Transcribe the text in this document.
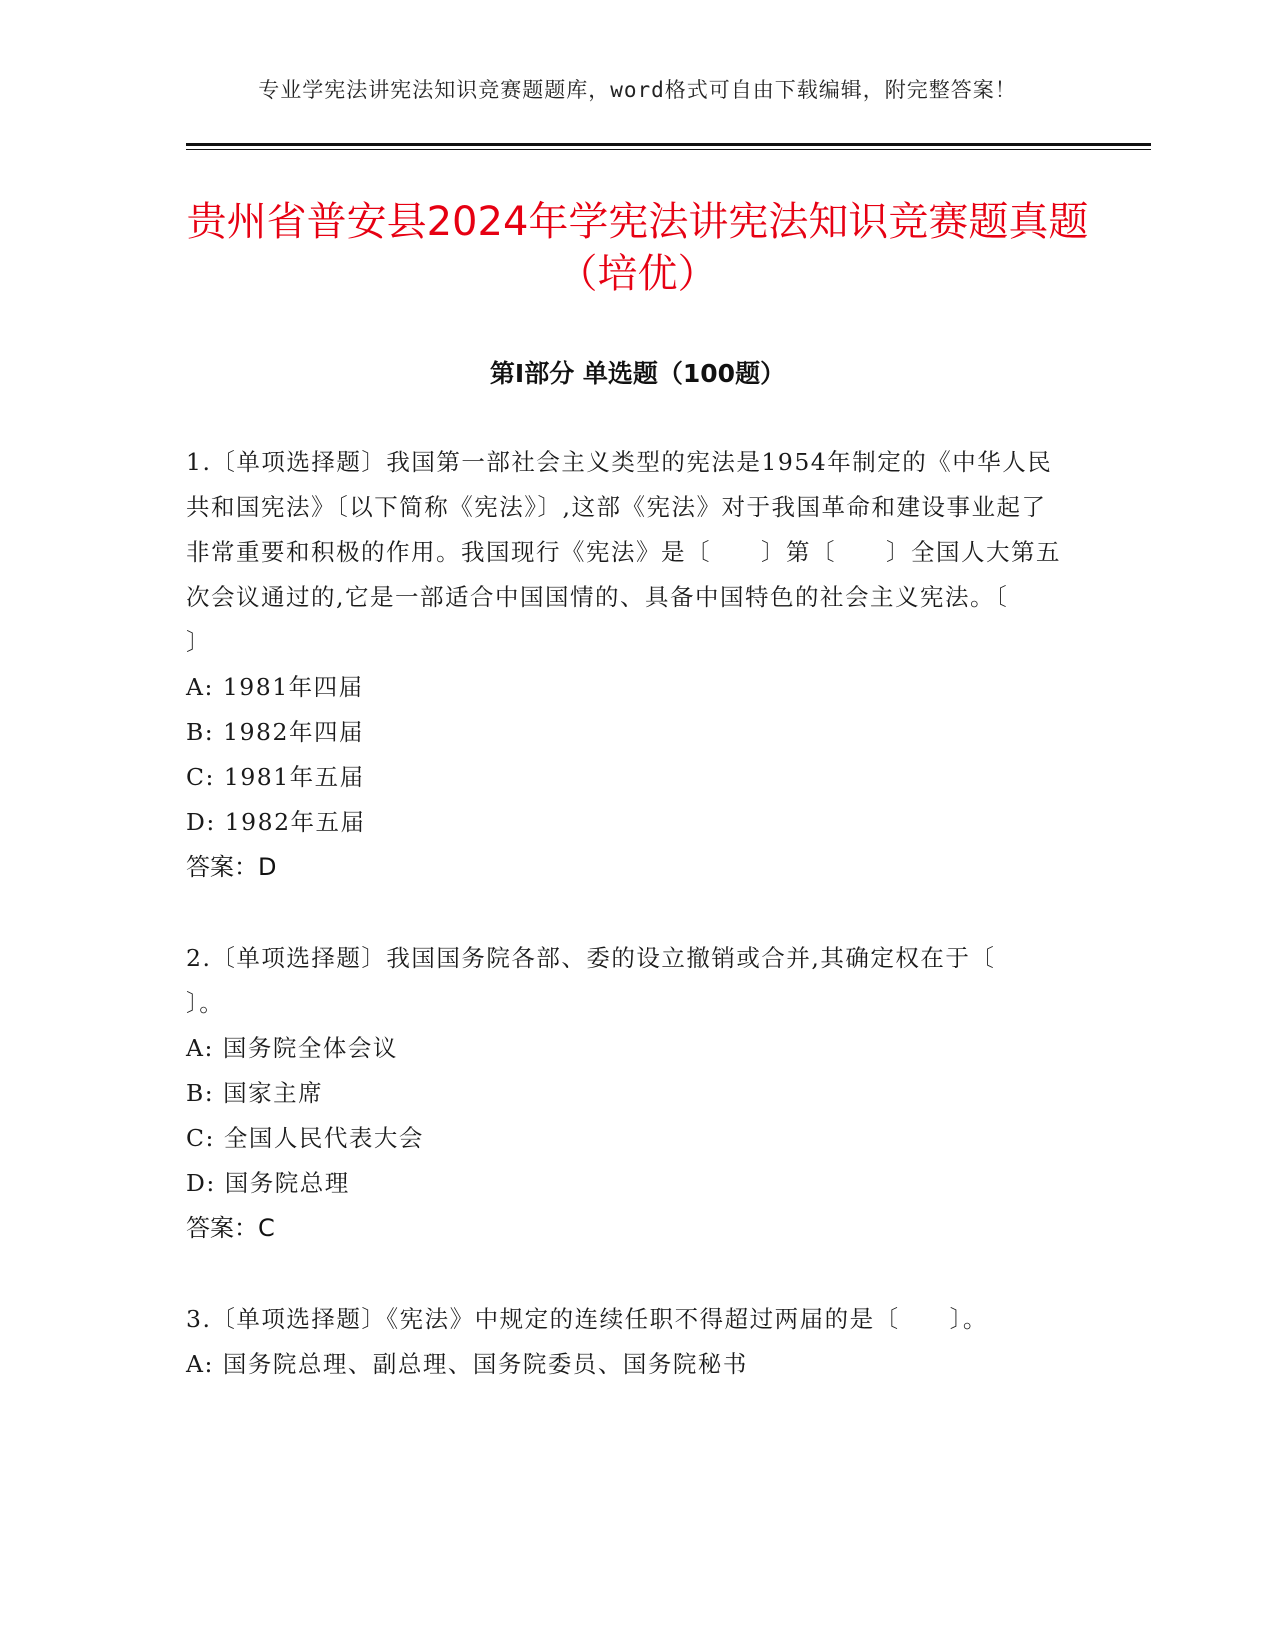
专业学宪法讲宪法知识竞赛题题库，word格式可自由下载编辑，附完整答案！
贵州省普安县2024年学宪法讲宪法知识竞赛题真题（培优）
第Ⅰ部分 单选题（100题）

1.〔单项选择题〕我国第一部社会主义类型的宪法是1954年制定的《中华人民共和国宪法》〔以下简称《宪法》〕,这部《宪法》对于我国革命和建设事业起了非常重要和积极的作用。我国现行《宪法》是〔　　〕第〔　　〕全国人大第五次会议通过的,它是一部适合中国国情的、具备中国特色的社会主义宪法。〔　　〕

A: 1981年四届

B: 1982年四届

C: 1981年五届

D: 1982年五届

答案：D

2.〔单项选择题〕我国国务院各部、委的设立撤销或合并,其确定权在于〔　　〕。

A: 国务院全体会议

B: 国家主席

C: 全国人民代表大会

D: 国务院总理

答案：C

3.〔单项选择题〕《宪法》中规定的连续任职不得超过两届的是〔　　〕。

A: 国务院总理、副总理、国务院委员、国务院秘书
